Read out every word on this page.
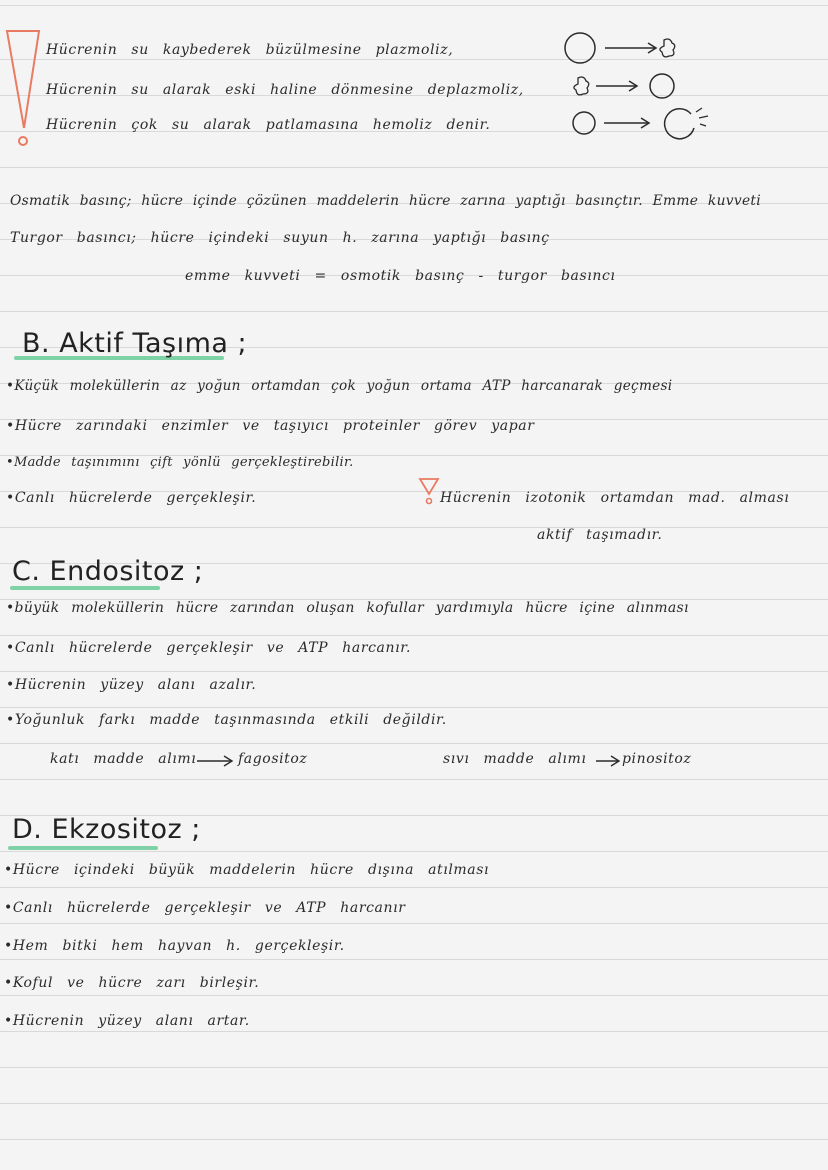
Hücrenin su kaybederek büzülmesine plazmoliz,
Hücrenin su alarak eski haline dönmesine deplazmoliz,
Hücrenin çok su alarak patlamasına hemoliz denir.
Osmatik basınç; hücre içinde çözünen maddelerin hücre zarına yaptığı basınçtır. Emme kuvveti
Turgor basıncı; hücre içindeki suyun h. zarına yaptığı basınç
emme kuvveti = osmotik basınç - turgor basıncı
B. Aktif Taşıma ;
•Küçük moleküllerin az yoğun ortamdan çok yoğun ortama ATP harcanarak geçmesi
•Hücre zarındaki enzimler ve taşıyıcı proteinler görev yapar
•Madde taşınımını çift yönlü gerçekleştirebilir.
•Canlı hücrelerde gerçekleşir.	Hücrenin izotonik ortamdan mad. alması
aktif taşımadır.
C. Endositoz ;
•büyük moleküllerin hücre zarından oluşan kofullar yardımıyla hücre içine alınması
•Canlı hücrelerde gerçekleşir ve ATP harcanır.
•Hücrenin yüzey alanı azalır.
•Yoğunluk farkı madde taşınmasında etkili değildir.
katı madde alımı	fagositoz	sıvı madde alımı	pinositoz
D. Ekzositoz ;
•Hücre içindeki büyük maddelerin hücre dışına atılması
•Canlı hücrelerde gerçekleşir ve ATP harcanır
•Hem bitki hem hayvan h. gerçekleşir.
•Koful ve hücre zarı birleşir.
•Hücrenin yüzey alanı artar.
